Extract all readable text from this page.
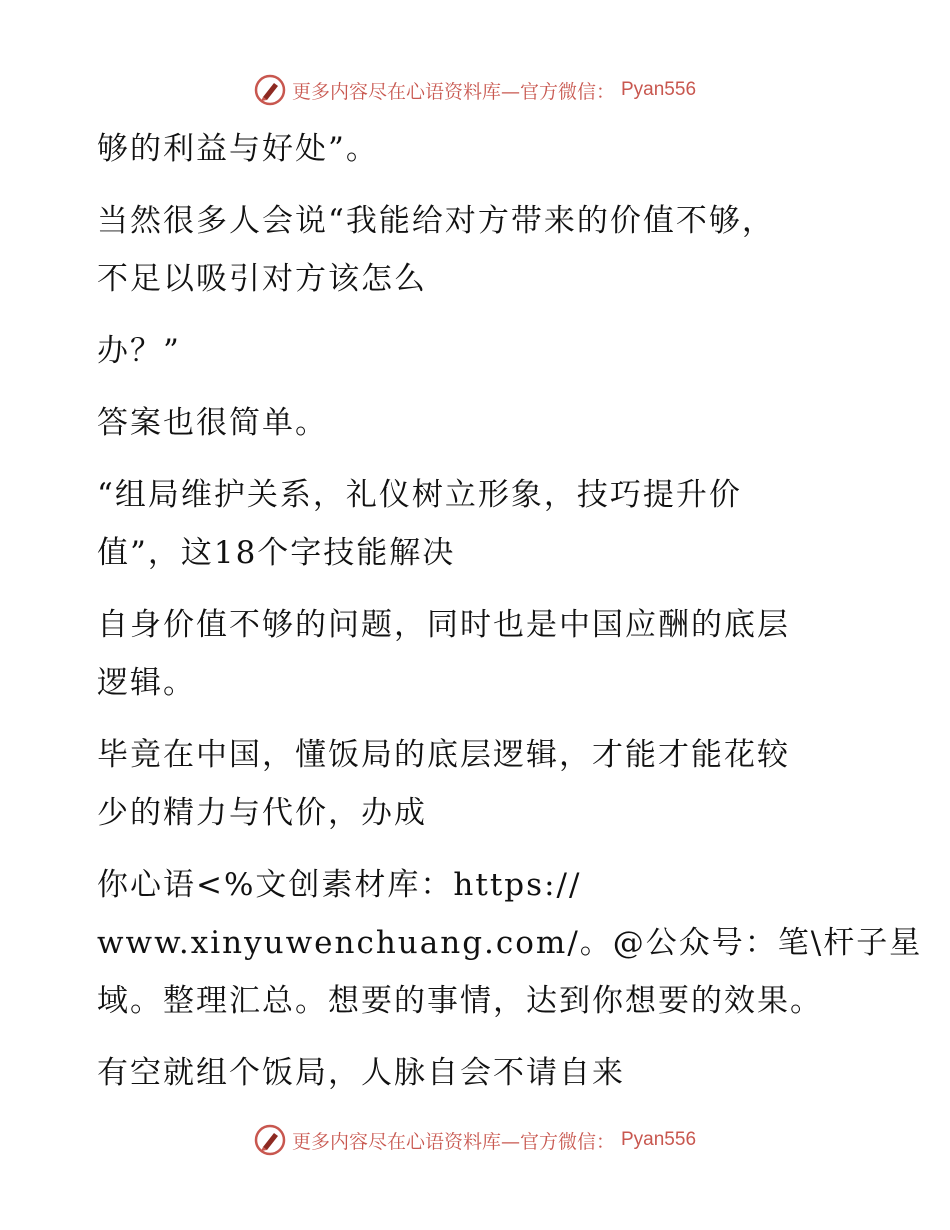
更多内容尽在心语资料库—官方微信： Pyan556
够的利益与好处”。
当然很多人会说“我能给对方带来的价值不够，
不足以吸引对方该怎么
办？”
答案也很简单。
“组局维护关系，礼仪树立形象，技巧提升价
值”，这18个字技能解决
自身价值不够的问题，同时也是中国应酬的底层
逻辑。
毕竟在中国，懂饭局的底层逻辑，才能才能花较
少的精力与代价，办成
你心语<%文创素材库：https://
www.xinyuwenchuang.com/。@公众号：笔\杆子星
域。整理汇总。想要的事情，达到你想要的效果。
有空就组个饭局，人脉自会不请自来
更多内容尽在心语资料库—官方微信： Pyan556
